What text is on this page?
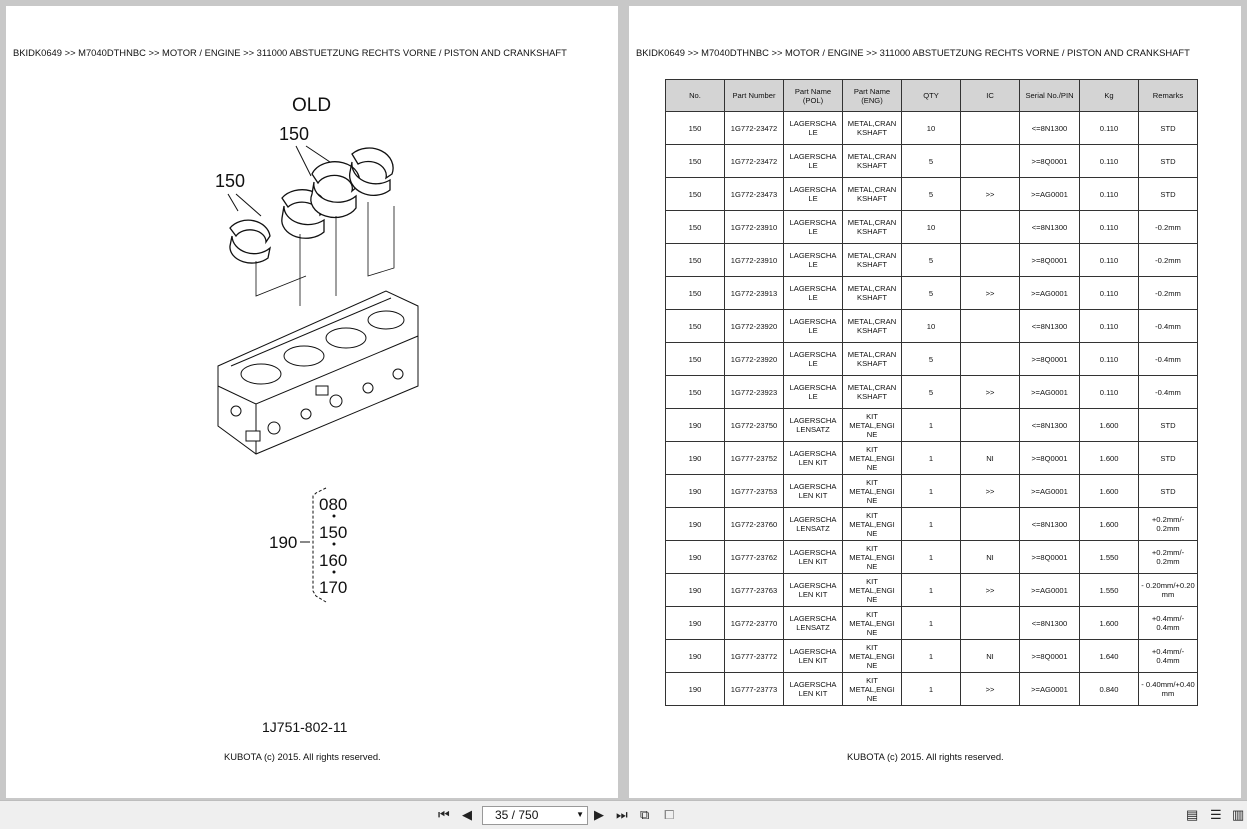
BKIDK0649 >> M7040DTHNBC >> MOTOR / ENGINE >> 311000 ABSTUETZUNG RECHTS VORNE / PISTON AND CRANKSHAFT
OLD
150
150
190
080
150
160
170
1J751-802-11
KUBOTA (c) 2015. All rights reserved.
BKIDK0649 >> M7040DTHNBC >> MOTOR / ENGINE >> 311000 ABSTUETZUNG RECHTS VORNE / PISTON AND CRANKSHAFT
No.	Part Number	Part Name (POL)	Part Name (ENG)	QTY	IC	Serial No./PIN	Kg	Remarks
150	1G772-23472	LAGERSCHA LE	METAL,CRAN KSHAFT	10		<=8N1300	0.110	STD
150	1G772-23472	LAGERSCHA LE	METAL,CRAN KSHAFT	5		>=8Q0001	0.110	STD
150	1G772-23473	LAGERSCHA LE	METAL,CRAN KSHAFT	5	>>	>=AG0001	0.110	STD
150	1G772-23910	LAGERSCHA LE	METAL,CRAN KSHAFT	10		<=8N1300	0.110	-0.2mm
150	1G772-23910	LAGERSCHA LE	METAL,CRAN KSHAFT	5		>=8Q0001	0.110	-0.2mm
150	1G772-23913	LAGERSCHA LE	METAL,CRAN KSHAFT	5	>>	>=AG0001	0.110	-0.2mm
150	1G772-23920	LAGERSCHA LE	METAL,CRAN KSHAFT	10		<=8N1300	0.110	-0.4mm
150	1G772-23920	LAGERSCHA LE	METAL,CRAN KSHAFT	5		>=8Q0001	0.110	-0.4mm
150	1G772-23923	LAGERSCHA LE	METAL,CRAN KSHAFT	5	>>	>=AG0001	0.110	-0.4mm
190	1G772-23750	LAGERSCHA LENSATZ	KIT METAL,ENGI NE	1		<=8N1300	1.600	STD
190	1G777-23752	LAGERSCHA LEN KIT	KIT METAL,ENGI NE	1	NI	>=8Q0001	1.600	STD
190	1G777-23753	LAGERSCHA LEN KIT	KIT METAL,ENGI NE	1	>>	>=AG0001	1.600	STD
190	1G772-23760	LAGERSCHA LENSATZ	KIT METAL,ENGI NE	1		<=8N1300	1.600	+0.2mm/- 0.2mm
190	1G777-23762	LAGERSCHA LEN KIT	KIT METAL,ENGI NE	1	NI	>=8Q0001	1.550	+0.2mm/- 0.2mm
190	1G777-23763	LAGERSCHA LEN KIT	KIT METAL,ENGI NE	1	>>	>=AG0001	1.550	- 0.20mm/+0.20 mm
190	1G772-23770	LAGERSCHA LENSATZ	KIT METAL,ENGI NE	1		<=8N1300	1.600	+0.4mm/- 0.4mm
190	1G777-23772	LAGERSCHA LEN KIT	KIT METAL,ENGI NE	1	NI	>=8Q0001	1.640	+0.4mm/- 0.4mm
190	1G777-23773	LAGERSCHA LEN KIT	KIT METAL,ENGI NE	1	>>	>=AG0001	0.840	- 0.40mm/+0.40 mm
KUBOTA (c) 2015. All rights reserved.
⏮ ◀ 35 / 750	▼ ▶ ⏭ ⧉ ⧠	▤ ☰ ▥
